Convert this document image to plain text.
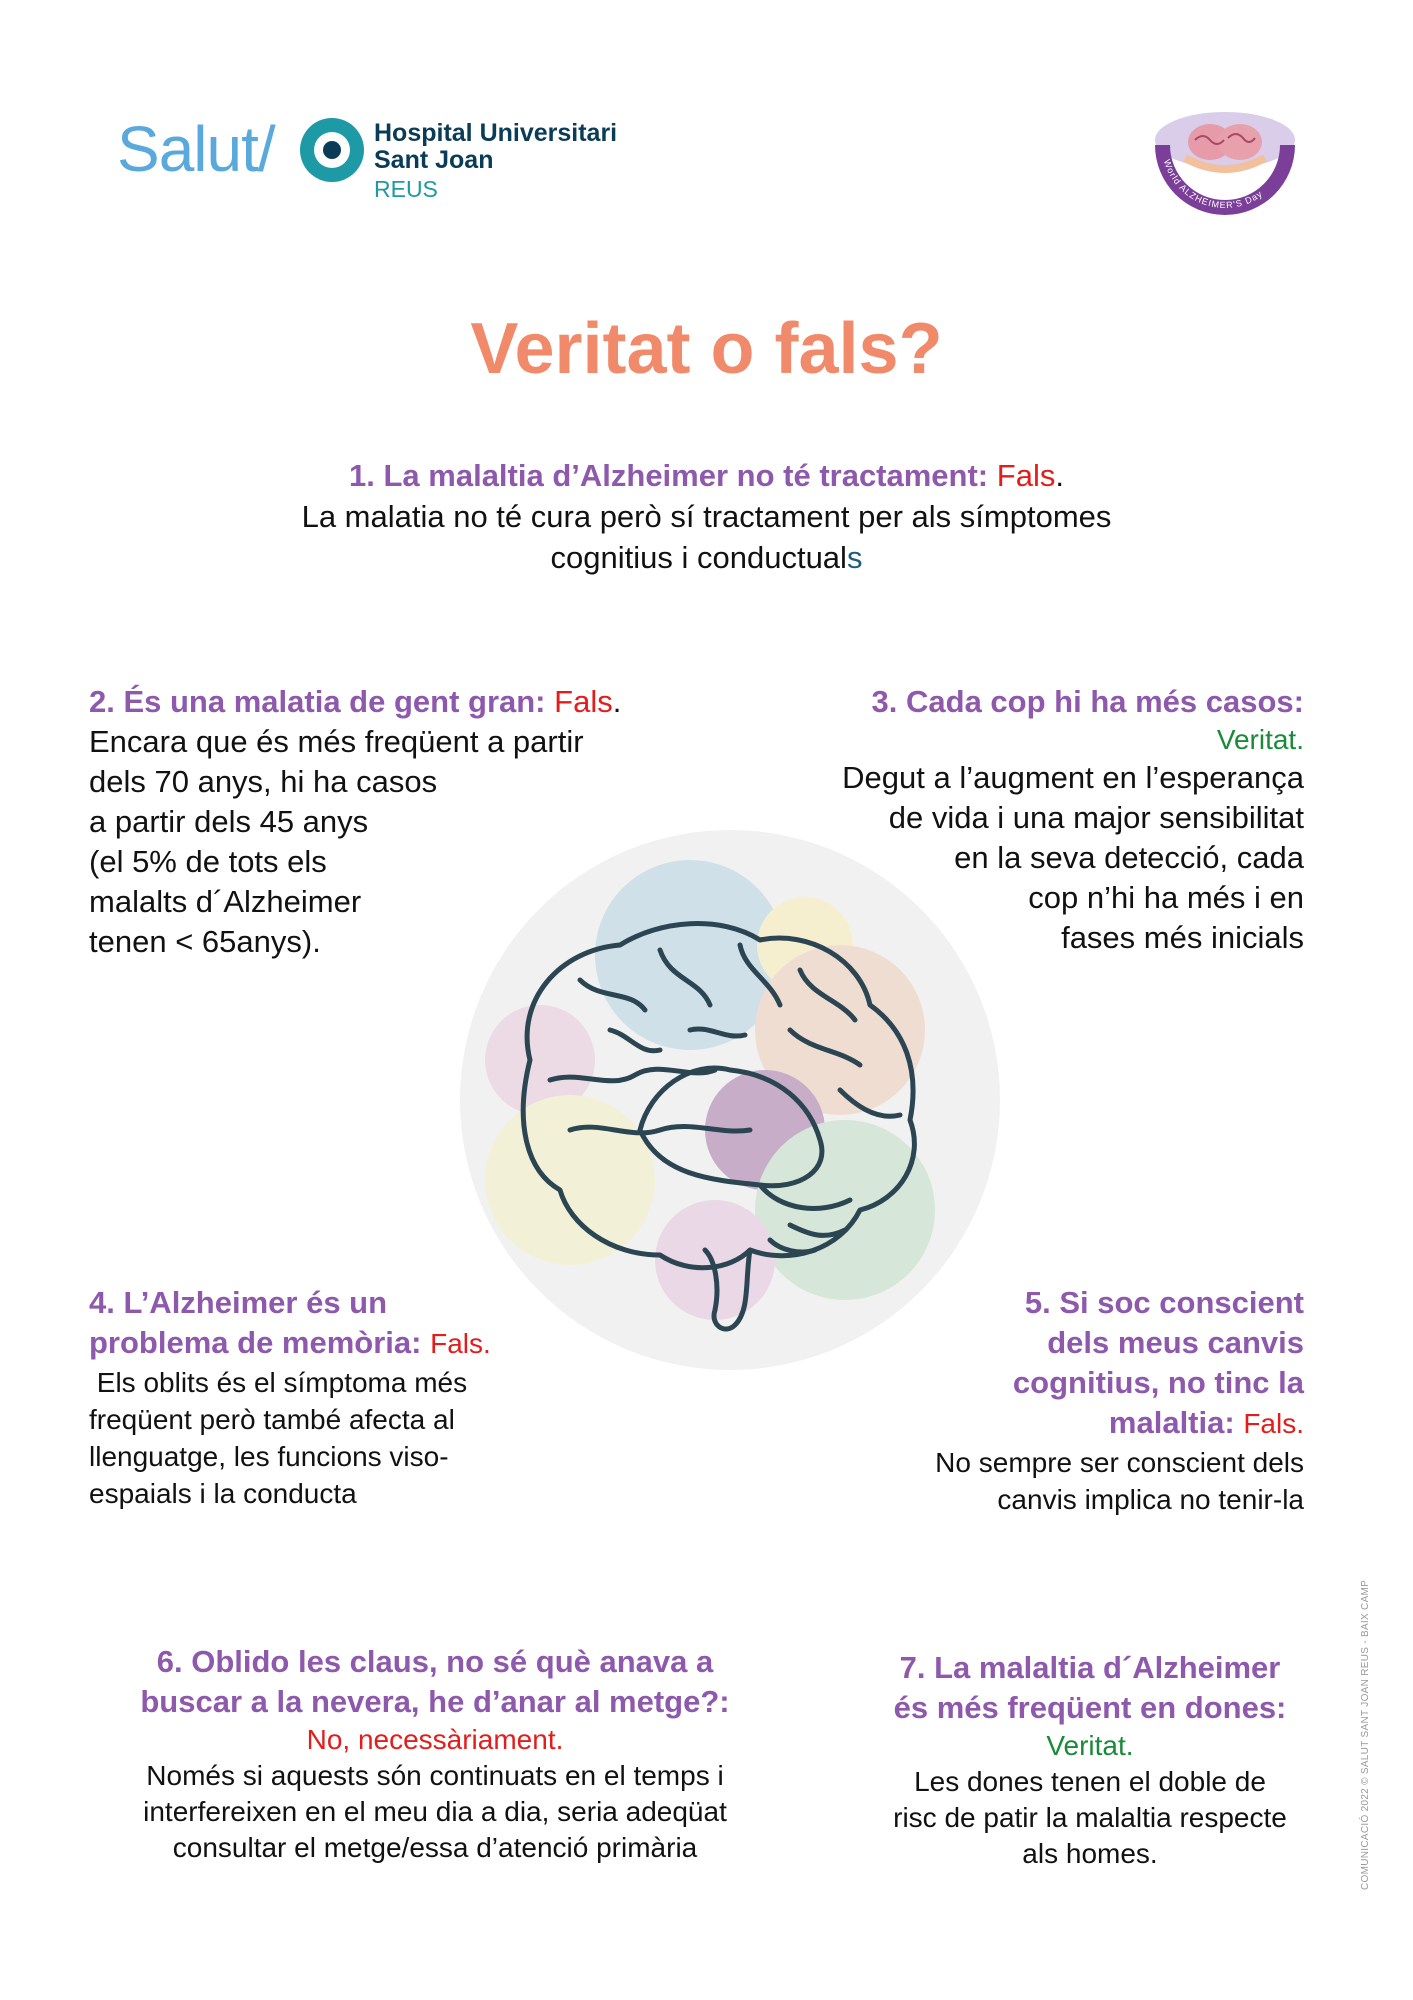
Salut/	Hospital Universitari
Sant Joan
REUS
World ALZHEIMER'S Day
Veritat o fals?
1. La malaltia d’Alzheimer no té tractament: Fals.
La malatia no té cura però sí tractament per als símptomes
cognitius i conductuals
2. És una malatia de gent gran: Fals.
Encara que és més freqüent a partir
dels 70 anys, hi ha casos
a partir dels 45 anys
(el 5% de tots els
malalts d´Alzheimer
tenen < 65anys).
3. Cada cop hi ha més casos:
Veritat.
Degut a l’augment en l’esperança
de vida i una major sensibilitat
en la seva detecció, cada
cop n’hi ha més i en
fases més inicials
4. L’Alzheimer és un
problema de memòria: Fals.
Els oblits és el símptoma més
freqüent però també afecta al
llenguatge, les funcions viso-
espaials i la conducta
5. Si soc conscient
dels meus canvis
cognitius, no tinc la
malaltia: Fals.
No sempre ser conscient dels
canvis implica no tenir-la
6. Oblido les claus, no sé què anava a
buscar a la nevera, he d’anar al metge?:
No, necessàriament.
Només si aquests són continuats en el temps i
interfereixen en el meu dia a dia, seria adeqüat
consultar el metge/essa d’atenció primària
7. La malaltia d´Alzheimer
és més freqüent en dones:
Veritat.
Les dones tenen el doble de
risc de patir la malaltia respecte
als homes.	COMUNICACIÓ 2022 © SALUT SANT JOAN REUS - BAIX CAMP
